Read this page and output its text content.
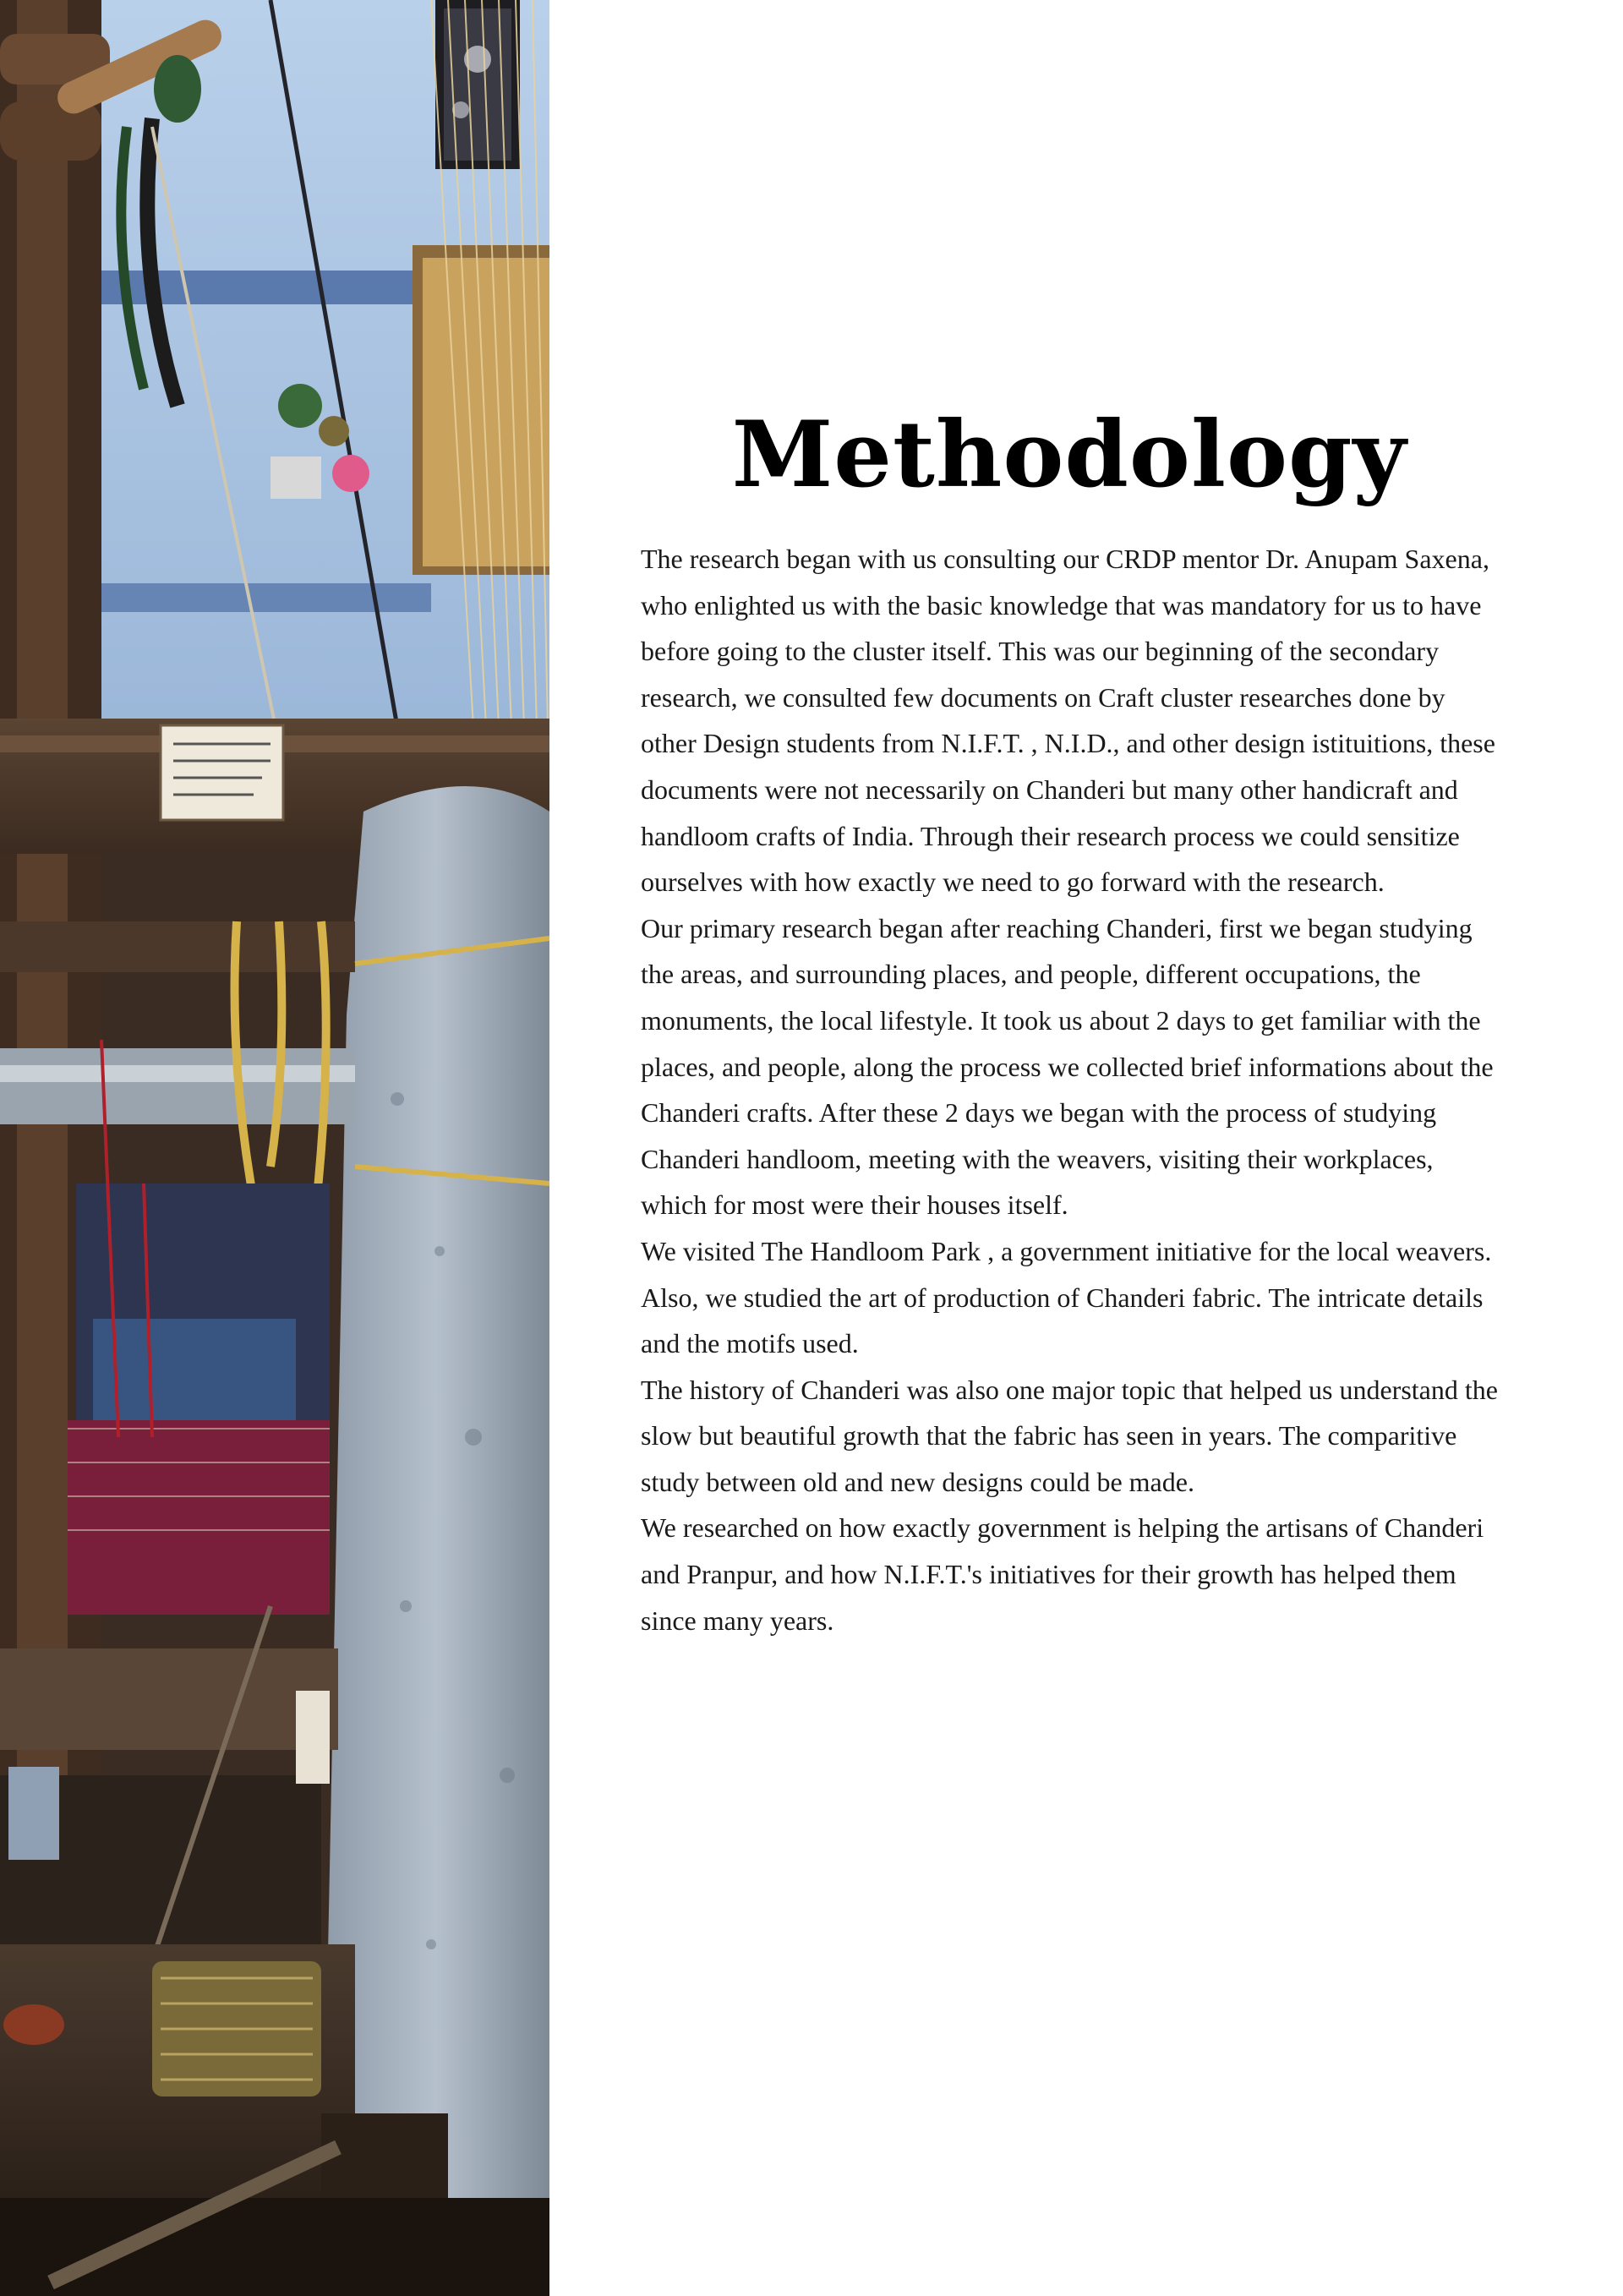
Methodology

The research began with us consulting our CRDP mentor Dr. Anupam Saxena, who enlighted us with the basic knowledge that was mandatory for us to have before going to the cluster itself. This was our beginning of the secondary research, we consulted few documents on Craft cluster researches done by other Design students from N.I.F.T. , N.I.D., and other design istituitions, these documents were not necessarily on Chanderi but many other handicraft and handloom crafts of India. Through their research process we could sensitize ourselves with how exactly we need to go forward with the research.

Our primary research began after reaching Chanderi, first we began studying the areas, and surrounding places, and people, different occupations, the monuments, the local lifestyle. It took us about 2 days to get familiar with the places, and people, along the process we collected brief informations about the Chanderi crafts. After these 2 days we began with the process of studying Chanderi handloom, meeting with the weavers, visiting their workplaces, which for most were their houses itself.

We visited The Handloom Park , a government initiative for the local weavers. Also, we studied the art of production of Chanderi fabric. The intricate details and the motifs used.

The history of Chanderi was also one major topic that helped us understand the slow but beautiful growth that the fabric has seen in years. The comparitive study between old and new designs could be made.

We researched on how exactly government is helping the artisans of Chanderi and Pranpur, and how N.I.F.T.'s initiatives for their growth has helped them since many years.
